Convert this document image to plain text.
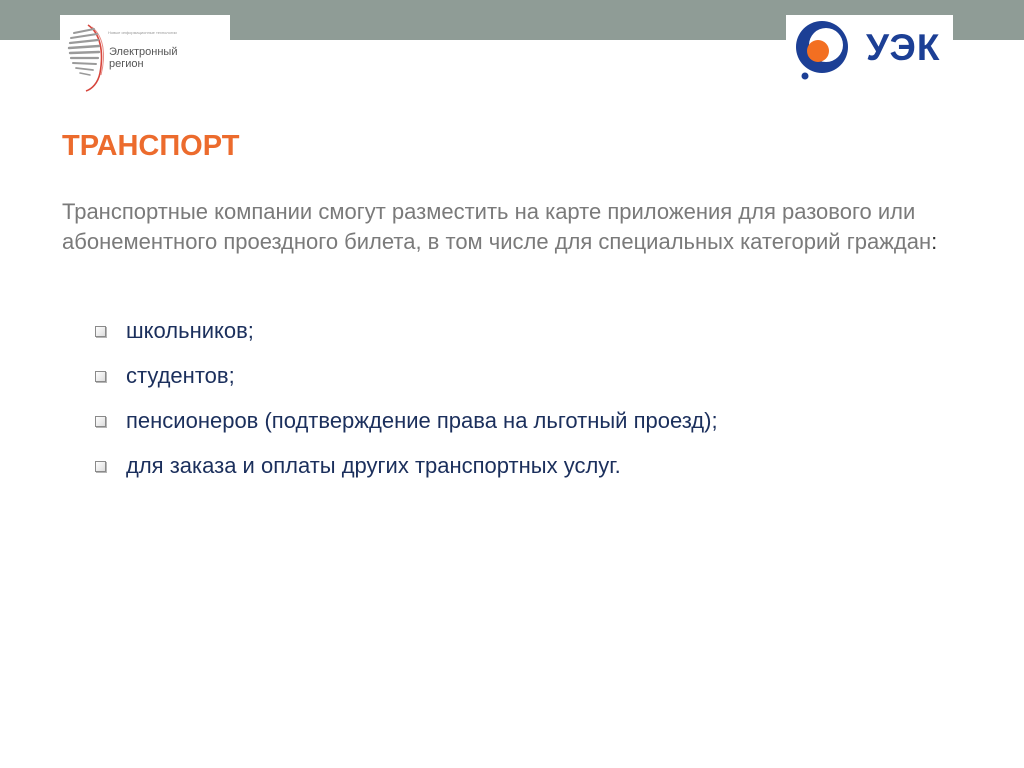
Новые информационные технологии
Электронный
регион	УЭК
ТРАНСПОРТ

Транспортные компании смогут разместить на карте приложения для разового или абонементного проездного билета, в том числе для специальных категорий граждан:

школьников;
студентов;
пенсионеров (подтверждение права на льготный проезд);
для заказа и оплаты других транспортных услуг.
